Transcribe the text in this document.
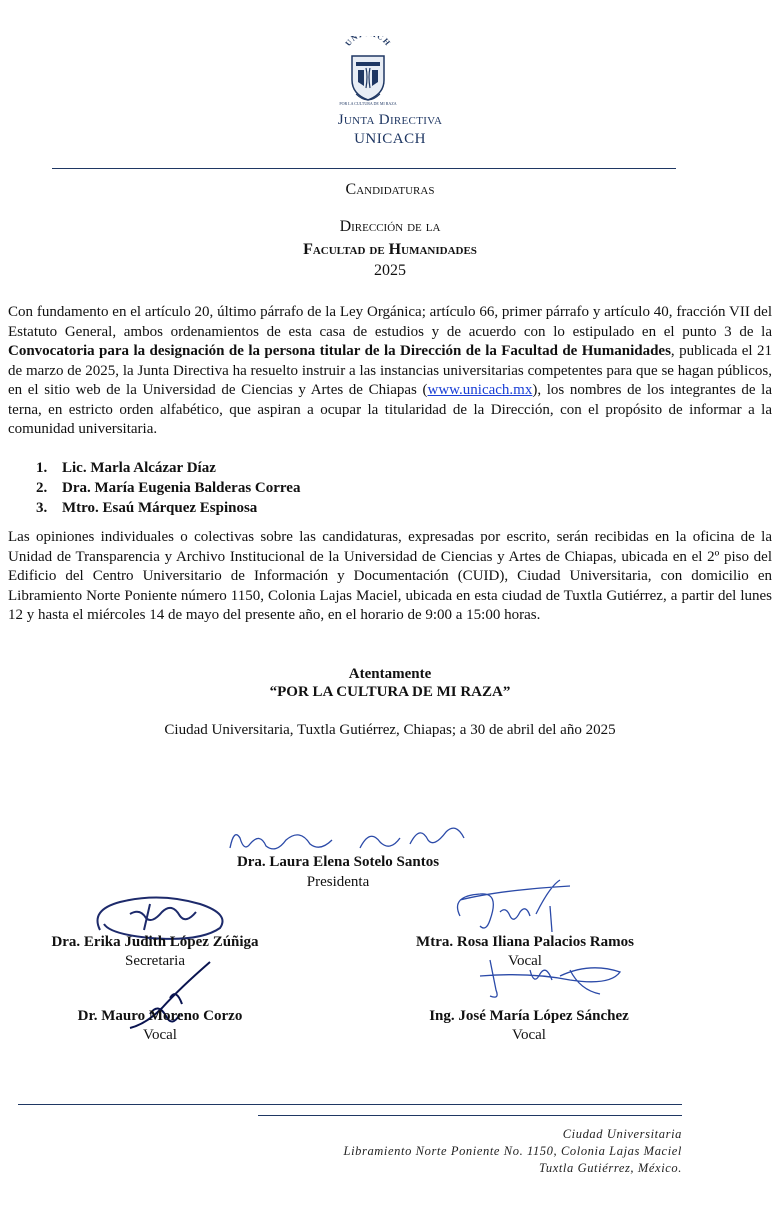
UN CH
POR LA CULTURA DE MI RAZA
Junta Directiva
UNICACH
Candidaturas
Dirección de la
Facultad de Humanidades
2025
Con fundamento en el artículo 20, último párrafo de la Ley Orgánica; artículo 66, primer párrafo y artículo 40, fracción VII del Estatuto General, ambos ordenamientos de esta casa de estudios y de acuerdo con lo estipulado en el punto 3 de la Convocatoria para la designación de la persona titular de la Dirección de la Facultad de Humanidades, publicada el 21 de marzo de 2025, la Junta Directiva ha resuelto instruir a las instancias universitarias competentes para que se hagan públicos, en el sitio web de la Universidad de Ciencias y Artes de Chiapas (www.unicach.mx), los nombres de los integrantes de la terna, en estricto orden alfabético, que aspiran a ocupar la titularidad de la Dirección, con el propósito de informar a la comunidad universitaria.
1. Lic. Marla Alcázar Díaz
2. Dra. María Eugenia Balderas Correa
3. Mtro. Esaú Márquez Espinosa
Las opiniones individuales o colectivas sobre las candidaturas, expresadas por escrito, serán recibidas en la oficina de la Unidad de Transparencia y Archivo Institucional de la Universidad de Ciencias y Artes de Chiapas, ubicada en el 2º piso del Edificio del Centro Universitario de Información y Documentación (CUID), Ciudad Universitaria, con domicilio en Libramiento Norte Poniente número 1150, Colonia Lajas Maciel, ubicada en esta ciudad de Tuxtla Gutiérrez, a partir del lunes 12 y hasta el miércoles 14 de mayo del presente año, en el horario de 9:00 a 15:00 horas.
Atentamente
“POR LA CULTURA DE MI RAZA”
Ciudad Universitaria, Tuxtla Gutiérrez, Chiapas; a 30 de abril del año 2025
Dra. Laura Elena Sotelo Santos
Presidenta
Dra. Erika Judith López Zúñiga
Secretaria
Mtra. Rosa Iliana Palacios Ramos
Vocal
Dr. Mauro Moreno Corzo
Vocal
Ing. José María López Sánchez
Vocal
Ciudad Universitaria
Libramiento Norte Poniente No. 1150, Colonia Lajas Maciel
Tuxtla Gutiérrez, México.
